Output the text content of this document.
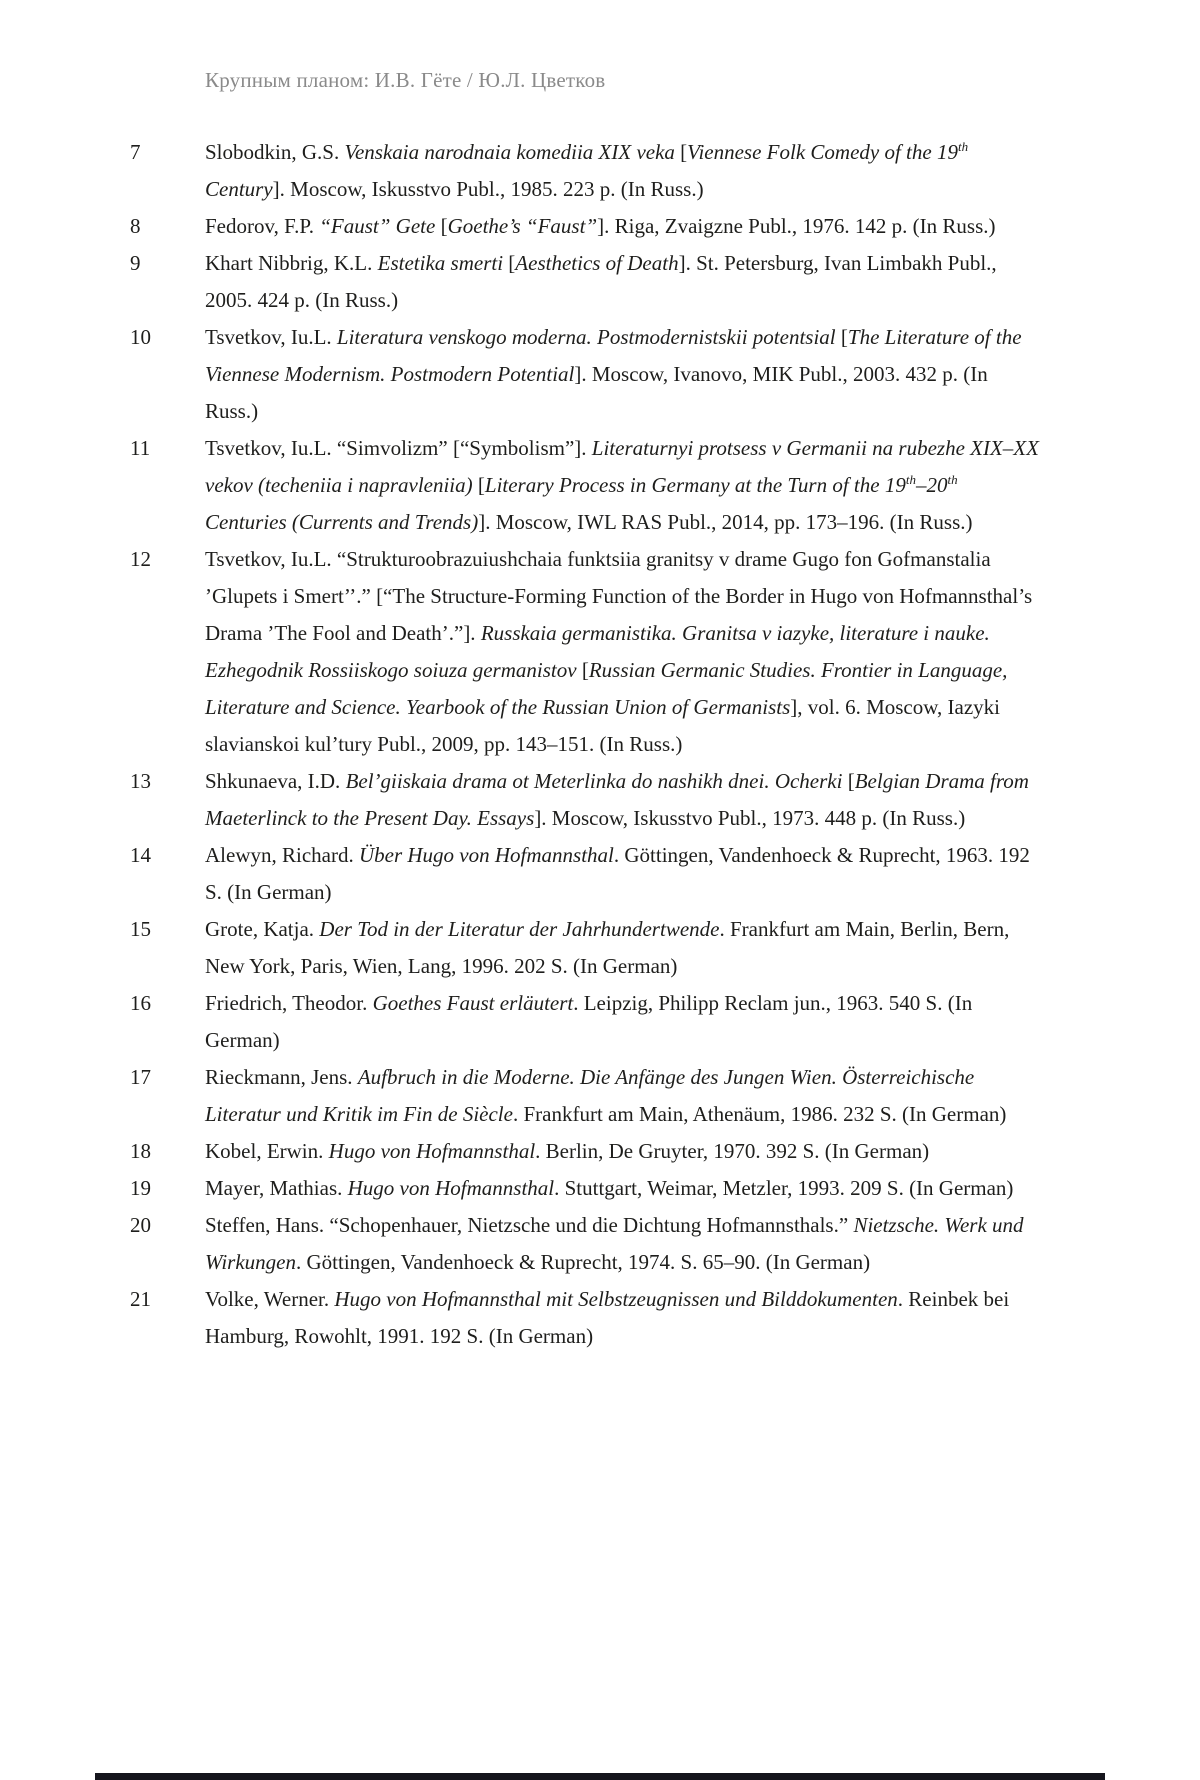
Крупным планом: И.В. Гёте / Ю.Л. Цветков
7	Slobodkin, G.S. Venskaia narodnaia komediia XIX veka [Viennese Folk Comedy of the 19th Century]. Moscow, Iskusstvo Publ., 1985. 223 p. (In Russ.)
8	Fedorov, F.P. “Faust” Gete [Goethe’s “Faust”]. Riga, Zvaigzne Publ., 1976. 142 p. (In Russ.)
9	Khart Nibbrig, K.L. Estetika smerti [Aesthetics of Death]. St. Petersburg, Ivan Limbakh Publ., 2005. 424 p. (In Russ.)
10	Tsvetkov, Iu.L. Literatura venskogo moderna. Postmodernistskii potentsial [The Literature of the Viennese Modernism. Postmodern Potential]. Moscow, Ivanovo, MIK Publ., 2003. 432 p. (In Russ.)
11	Tsvetkov, Iu.L. “Simvolizm” [“Symbolism”]. Literaturnyi protsess v Germanii na rubezhe XIX–XX vekov (techeniia i napravleniia) [Literary Process in Germany at the Turn of the 19th–20th Centuries (Currents and Trends)]. Moscow, IWL RAS Publ., 2014, pp. 173–196. (In Russ.)
12	Tsvetkov, Iu.L. “Strukturoobrazuiushchaia funktsiia granitsy v drame Gugo fon Gofmanstalia ’Glupets i Smert’’.” [“The Structure-Forming Function of the Border in Hugo von Hofmannsthal’s Drama ’The Fool and Death’.”]. Russkaia germanistika. Granitsa v iazyke, literature i nauke. Ezhegodnik Rossiiskogo soiuza germanistov [Russian Germanic Studies. Frontier in Language, Literature and Science. Yearbook of the Russian Union of Germanists], vol. 6. Moscow, Iazyki slavianskoi kul’tury Publ., 2009, pp. 143–151. (In Russ.)
13	Shkunaeva, I.D. Bel’giiskaia drama ot Meterlinka do nashikh dnei. Ocherki [Belgian Drama from Maeterlinck to the Present Day. Essays]. Moscow, Iskusstvo Publ., 1973. 448 p. (In Russ.)
14	Alewyn, Richard. Über Hugo von Hofmannsthal. Göttingen, Vandenhoeck & Ruprecht, 1963. 192 S. (In German)
15	Grote, Katja. Der Tod in der Literatur der Jahrhundertwende. Frankfurt am Main, Berlin, Bern, New York, Paris, Wien, Lang, 1996. 202 S. (In German)
16	Friedrich, Theodor. Goethes Faust erläutert. Leipzig, Philipp Reclam jun., 1963. 540 S. (In German)
17	Rieckmann, Jens. Aufbruch in die Moderne. Die Anfänge des Jungen Wien. Österreichische Literatur und Kritik im Fin de Siècle. Frankfurt am Main, Athenäum, 1986. 232 S. (In German)
18	Kobel, Erwin. Hugo von Hofmannsthal. Berlin, De Gruyter, 1970. 392 S. (In German)
19	Mayer, Mathias. Hugo von Hofmannsthal. Stuttgart, Weimar, Metzler, 1993. 209 S. (In German)
20	Steffen, Hans. “Schopenhauer, Nietzsche und die Dichtung Hofmannsthals.” Nietzsche. Werk und Wirkungen. Göttingen, Vandenhoeck & Ruprecht, 1974. S. 65–90. (In German)
21	Volke, Werner. Hugo von Hofmannsthal mit Selbstzeugnissen und Bilddokumenten. Reinbek bei Hamburg, Rowohlt, 1991. 192 S. (In German)
